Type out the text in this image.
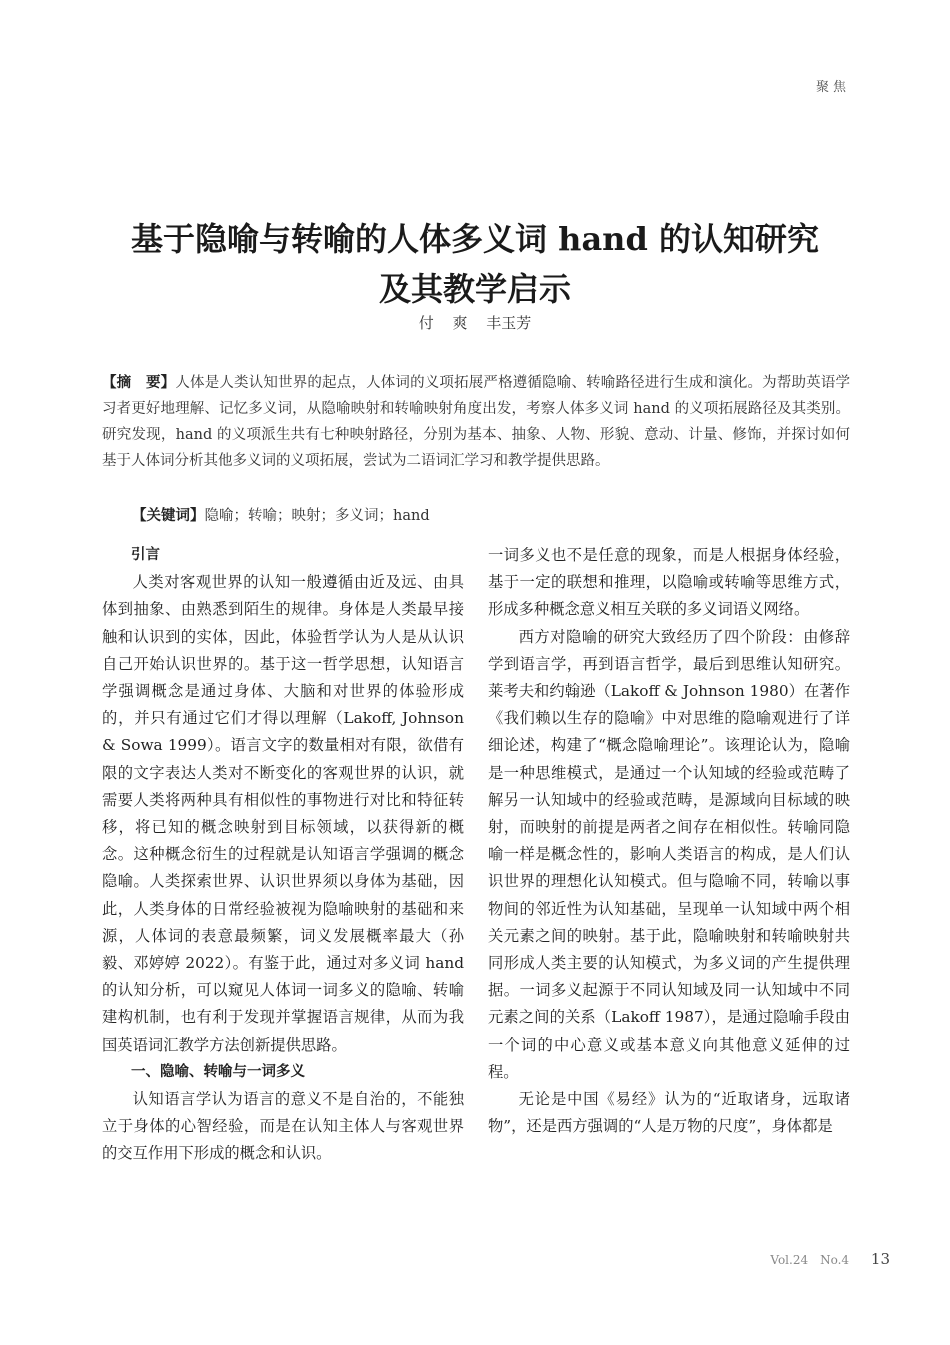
聚焦
基于隐喻与转喻的人体多义词 hand 的认知研究
及其教学启示
付 爽 丰玉芳
【摘　要】人体是人类认知世界的起点，人体词的义项拓展严格遵循隐喻、转喻路径进行生成和演化。为帮助英语学习者更好地理解、记忆多义词，从隐喻映射和转喻映射角度出发，考察人体多义词 hand 的义项拓展路径及其类别。研究发现，hand 的义项派生共有七种映射路径，分别为基本、抽象、人物、形貌、意动、计量、修饰，并探讨如何基于人体词分析其他多义词的义项拓展，尝试为二语词汇学习和教学提供思路。
【关键词】隐喻；转喻；映射；多义词；hand
引言

人类对客观世界的认知一般遵循由近及远、由具体到抽象、由熟悉到陌生的规律。身体是人类最早接触和认识到的实体，因此，体验哲学认为人是从认识自己开始认识世界的。基于这一哲学思想，认知语言学强调概念是通过身体、大脑和对世界的体验形成的，并只有通过它们才得以理解（Lakoff, Johnson & Sowa 1999）。语言文字的数量相对有限，欲借有限的文字表达人类对不断变化的客观世界的认识，就需要人类将两种具有相似性的事物进行对比和特征转移，将已知的概念映射到目标领域，以获得新的概念。这种概念衍生的过程就是认知语言学强调的概念隐喻。人类探索世界、认识世界须以身体为基础，因此，人类身体的日常经验被视为隐喻映射的基础和来源，人体词的表意最频繁，词义发展概率最大（孙毅、邓婷婷 2022）。有鉴于此，通过对多义词 hand 的认知分析，可以窥见人体词一词多义的隐喻、转喻建构机制，也有利于发现并掌握语言规律，从而为我国英语词汇教学方法创新提供思路。

一、隐喻、转喻与一词多义

认知语言学认为语言的意义不是自治的，不能独立于身体的心智经验，而是在认知主体人与客观世界的交互作用下形成的概念和认识。

一词多义也不是任意的现象，而是人根据身体经验，基于一定的联想和推理，以隐喻或转喻等思维方式，形成多种概念意义相互关联的多义词语义网络。

西方对隐喻的研究大致经历了四个阶段：由修辞学到语言学，再到语言哲学，最后到思维认知研究。莱考夫和约翰逊（Lakoff & Johnson 1980）在著作《我们赖以生存的隐喻》中对思维的隐喻观进行了详细论述，构建了“概念隐喻理论”。该理论认为，隐喻是一种思维模式，是通过一个认知域的经验或范畴了解另一认知域中的经验或范畴，是源域向目标域的映射，而映射的前提是两者之间存在相似性。转喻同隐喻一样是概念性的，影响人类语言的构成，是人们认识世界的理想化认知模式。但与隐喻不同，转喻以事物间的邻近性为认知基础，呈现单一认知域中两个相关元素之间的映射。基于此，隐喻映射和转喻映射共同形成人类主要的认知模式，为多义词的产生提供理据。一词多义起源于不同认知域及同一认知域中不同元素之间的关系（Lakoff 1987），是通过隐喻手段由一个词的中心意义或基本意义向其他意义延伸的过程。

无论是中国《易经》认为的“近取诸身，远取诸物”，还是西方强调的“人是万物的尺度”，身体都是

Vol.24　No.4 13
